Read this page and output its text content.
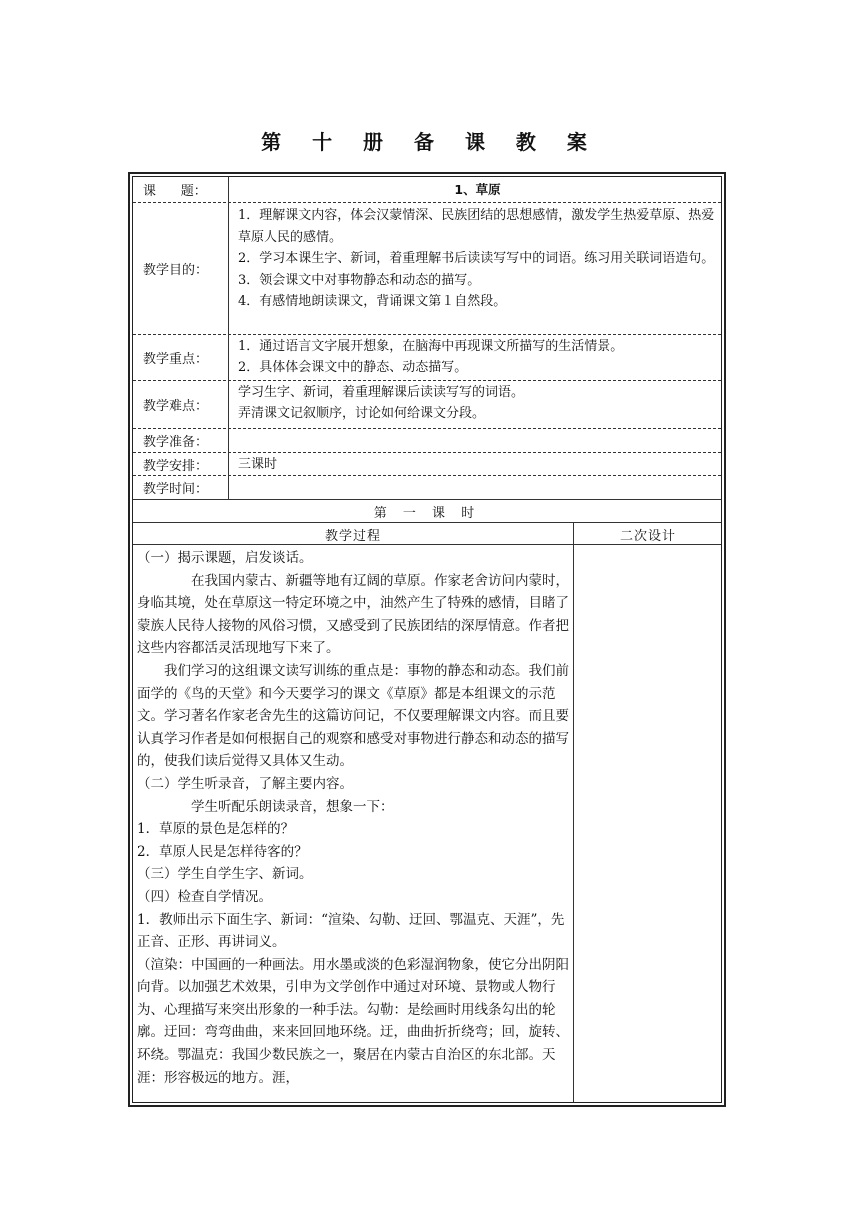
第 十 册 备 课 教 案
课      题：	1、草原
教学目的：

1．理解课文内容，体会汉蒙情深、民族团结的思想感情，激发学生热爱草原、热爱草原人民的感情。

2．学习本课生字、新词，着重理解书后读读写写中的词语。练习用关联词语造句。

3．领会课文中对事物静态和动态的描写。

4．有感情地朗读课文，背诵课文第１自然段。

教学重点：

1．通过语言文字展开想象，在脑海中再现课文所描写的生活情景。

2．具体体会课文中的静态、动态描写。

教学难点：

学习生字、新词，着重理解课后读读写写的词语。

弄清课文记叙顺序，讨论如何给课文分段。

教学准备：
教学安排：	三课时
教学时间：
第 一 课 时
教学过程	二次设计

（一）揭示课题，启发谈话。

在我国内蒙古、新疆等地有辽阔的草原。作家老舍访问内蒙时，身临其境，处在草原这一特定环境之中，油然产生了特殊的感情，目睹了蒙族人民待人接物的风俗习惯，又感受到了民族团结的深厚情意。作者把这些内容都活灵活现地写下来了。

我们学习的这组课文读写训练的重点是：事物的静态和动态。我们前面学的《鸟的天堂》和今天要学习的课文《草原》都是本组课文的示范文。学习著名作家老舍先生的这篇访问记，不仅要理解课文内容。而且要认真学习作者是如何根据自己的观察和感受对事物进行静态和动态的描写的，使我们读后觉得又具体又生动。

（二）学生听录音，了解主要内容。

学生听配乐朗读录音，想象一下：

1．草原的景色是怎样的？

2．草原人民是怎样待客的？

（三）学生自学生字、新词。

（四）检查自学情况。

1．教师出示下面生字、新词：“渲染、勾勒、迂回、鄂温克、天涯”，先正音、正形、再讲词义。

（渲染：中国画的一种画法。用水墨或淡的色彩湿润物象，使它分出阴阳向背。以加强艺术效果，引申为文学创作中通过对环境、景物或人物行为、心理描写来突出形象的一种手法。勾勒：是绘画时用线条勾出的轮廓。迂回：弯弯曲曲，来来回回地环绕。迂，曲曲折折绕弯；回，旋转、环绕。鄂温克：我国少数民族之一，聚居在内蒙古自治区的东北部。天涯：形容极远的地方。涯，
